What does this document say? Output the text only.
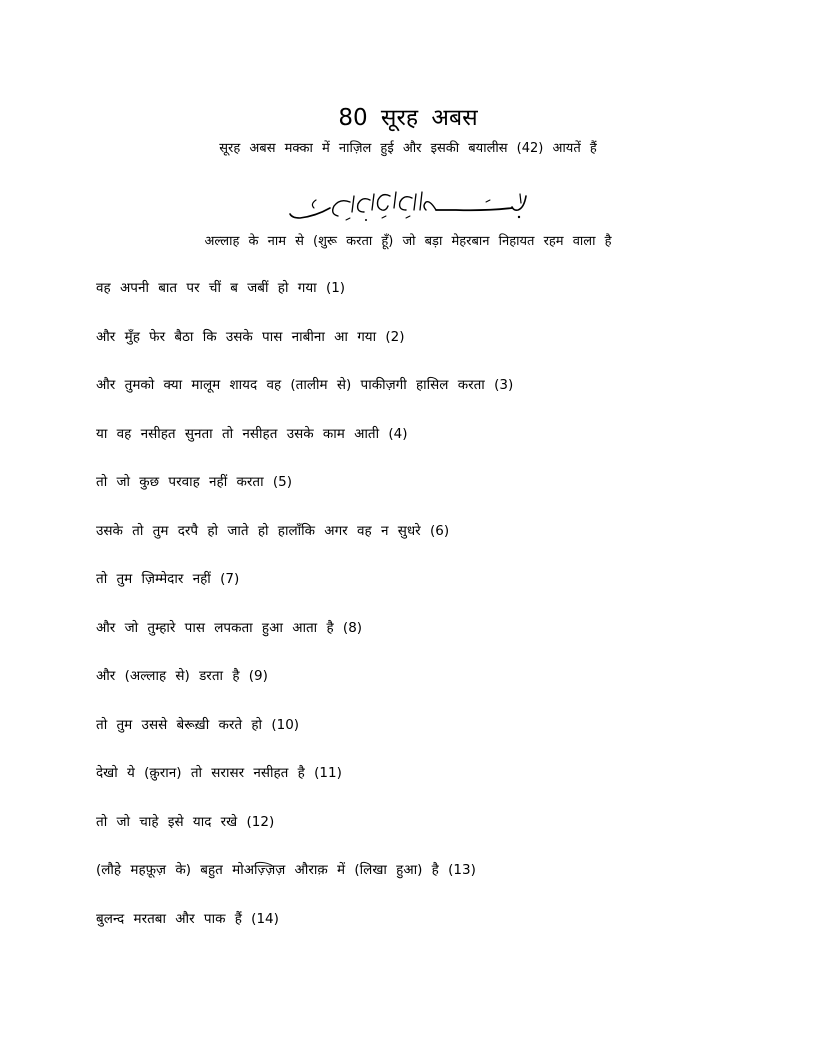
80 सूरह अबस
सूरह अबस मक्का में नाज़िल हुई और इसकी बयालीस (42) आयतें हैं
अल्लाह के नाम से (शुरू करता हूँ) जो बड़ा मेहरबान निहायत रहम वाला है
वह अपनी बात पर चीं ब जबीं हो गया (1)
और मुँह फेर बैठा कि उसके पास नाबीना आ गया (2)
और तुमको क्या मालूम शायद वह (तालीम से) पाकीज़गी हासिल करता (3)
या वह नसीहत सुनता तो नसीहत उसके काम आती (4)
तो जो कुछ परवाह नहीं करता (5)
उसके तो तुम दरपै हो जाते हो हालाँकि अगर वह न सुधरे (6)
तो तुम ज़िम्मेदार नहीं (7)
और जो तुम्हारे पास लपकता हुआ आता है (8)
और (अल्लाह से) डरता है (9)
तो तुम उससे बेरूख़ी करते हो (10)
देखो ये (क़ुरान) तो सरासर नसीहत है (11)
तो जो चाहे इसे याद रखे (12)
(लौहे महफ़ूज़ के) बहुत मोअज़्ज़िज़ औराक़ में (लिखा हुआ) है (13)
बुलन्द मरतबा और पाक हैं (14)
